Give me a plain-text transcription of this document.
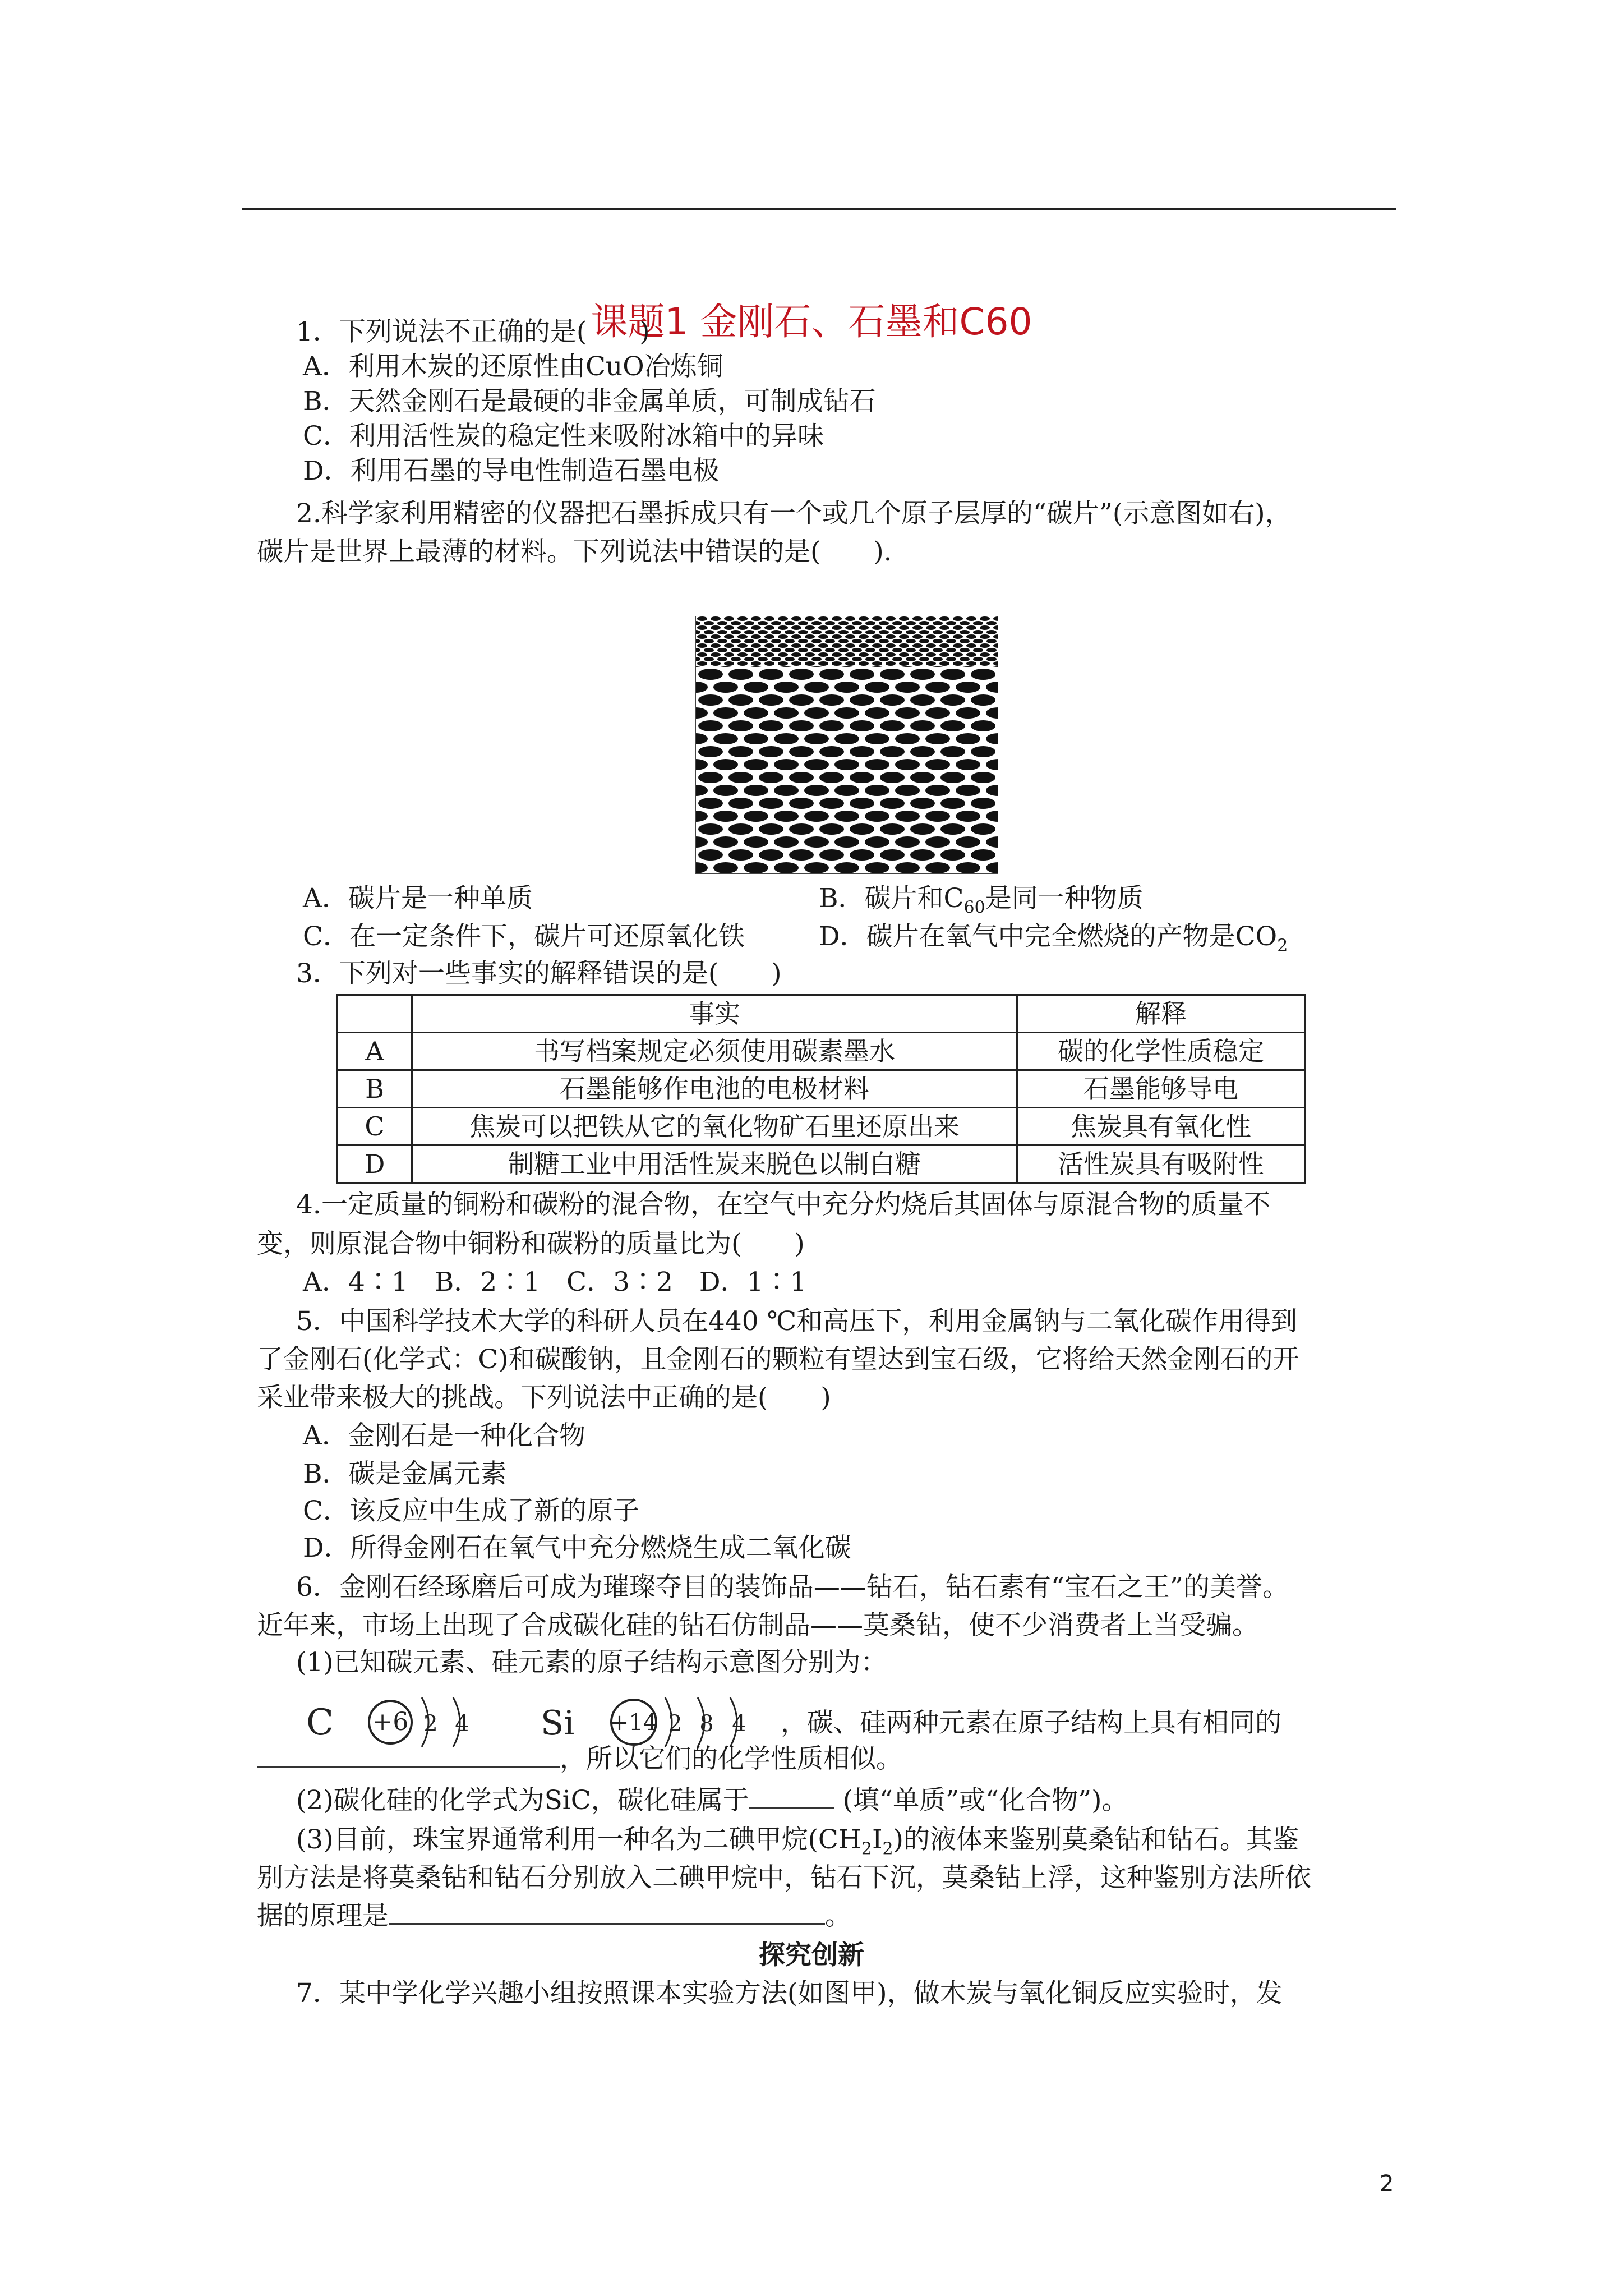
课题1 金刚石、石墨和C60
1．下列说法不正确的是(　　)
A．利用木炭的还原性由CuO冶炼铜
B．天然金刚石是最硬的非金属单质，可制成钻石
C．利用活性炭的稳定性来吸附冰箱中的异味
D．利用石墨的导电性制造石墨电极
2.科学家利用精密的仪器把石墨拆成只有一个或几个原子层厚的“碳片”(示意图如右)，
碳片是世界上最薄的材料。下列说法中错误的是(　　).
A．碳片是一种单质	B．碳片和$C_{60}$是同一种物质
C．在一定条件下，碳片可还原氧化铁	D．碳片在氧气中完全燃烧的产物是$CO_2$
3．下列对一些事实的解释错误的是(　　)
	事实	解释
A	书写档案规定必须使用碳素墨水	碳的化学性质稳定
B	石墨能够作电池的电极材料	石墨能够导电
C	焦炭可以把铁从它的氧化物矿石里还原出来	焦炭具有氧化性
D	制糖工业中用活性炭来脱色以制白糖	活性炭具有吸附性
4.一定质量的铜粉和碳粉的混合物，在空气中充分灼烧后其固体与原混合物的质量不
变，则原混合物中铜粉和碳粉的质量比为(　　)
A．4∶1　B．2∶1　C．3∶2　D．1∶1
5．中国科学技术大学的科研人员在440 ℃和高压下，利用金属钠与二氧化碳作用得到
了金刚石(化学式：C)和碳酸钠，且金刚石的颗粒有望达到宝石级，它将给天然金刚石的开
采业带来极大的挑战。下列说法中正确的是(　　)
A．金刚石是一种化合物
B．碳是金属元素
C．该反应中生成了新的原子
D．所得金刚石在氧气中充分燃烧生成二氧化碳
6．金刚石经琢磨后可成为璀璨夺目的装饰品——钻石，钻石素有“宝石之王”的美誉。
近年来，市场上出现了合成碳化硅的钻石仿制品——莫桑钻，使不少消费者上当受骗。
(1)已知碳元素、硅元素的原子结构示意图分别为：
C +6 2 4 Si +14 2 8 4 ，碳、硅两种元素在原子结构上具有相同的
，所以它们的化学性质相似。
(2)碳化硅的化学式为SiC，碳化硅属于	(填“单质”或“化合物”)。
(3)目前，珠宝界通常利用一种名为二碘甲烷$(CH_2I_2)$的液体来鉴别莫桑钻和钻石。其鉴
别方法是将莫桑钻和钻石分别放入二碘甲烷中，钻石下沉，莫桑钻上浮，这种鉴别方法所依
据的原理是	。
探究创新
7．某中学化学兴趣小组按照课本实验方法(如图甲)，做木炭与氧化铜反应实验时，发
2
